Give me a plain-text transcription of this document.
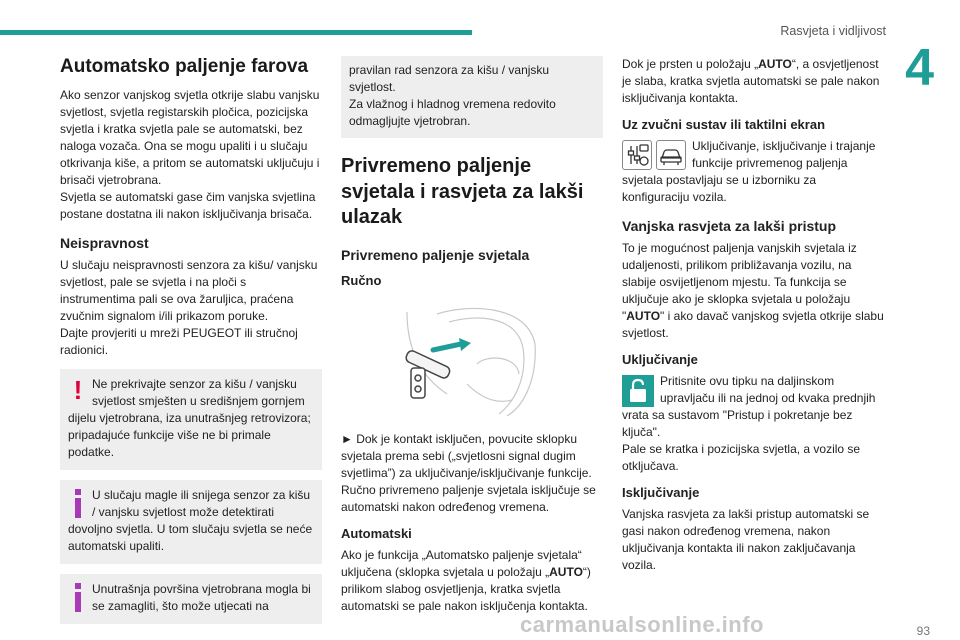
Rasvjeta i vidljivost
4
Automatsko paljenje farova

Ako senzor vanjskog svjetla otkrije slabu vanjsku svjetlost, svjetla registarskih pločica, pozicijska svjetla i kratka svjetla pale se automatski, bez naloga vozača. Ona se mogu upaliti i u slučaju otkrivanja kiše, a pritom se automatski uključuju i brisači vjetrobrana.

Svjetla se automatski gase čim vanjska svjetlina postane dostatna ili nakon isključivanja brisača.

Neispravnost

U slučaju neispravnosti senzora za kišu/ vanjsku svjetlost, pale se svjetla i na ploči s instrumentima pali se ova žaruljica, praćena zvučnim signalom i/ili prikazom poruke.

Dajte provjeriti u mreži PEUGEOT ili stručnoj radionici.

! Ne prekrivajte senzor za kišu / vanjsku svjetlost smješten u središnjem gornjem dijelu vjetrobrana, iza unutrašnjeg retrovizora; pripadajuće funkcije više ne bi primale podatke.

U slučaju magle ili snijega senzor za kišu / vanjsku svjetlost može detektirati dovoljno svjetla. U tom slučaju svjetla se neće automatski upaliti.

Unutrašnja površina vjetrobrana mogla bi se zamagliti, što može utjecati na

pravilan rad senzora za kišu / vanjsku svjetlost.

Za vlažnog i hladnog vremena redovito odmagljujte vjetrobran.

Privremeno paljenje svjetala i rasvjeta za lakši ulazak
Privremeno paljenje svjetala
Ručno

► Dok je kontakt isključen, povucite sklopku svjetala prema sebi („svjetlosni signal dugim svjetlima”) za uključivanje/isključivanje funkcije.

Ručno privremeno paljenje svjetala isključuje se automatski nakon određenog vremena.

Automatski

Ako je funkcija „Automatsko paljenje svjetala“ uključena (sklopka svjetala u položaju „AUTO“) prilikom slabog osvjetljenja, kratka svjetla automatski se pale nakon isključenja kontakta.

Dok je prsten u položaju „AUTO“, a osvjetljenost je slaba, kratka svjetla automatski se pale nakon isključivanja kontakta.

Uz zvučni sustav ili taktilni ekran

Uključivanje, isključivanje i trajanje funkcije privremenog paljenja svjetala postavljaju se u izborniku za konfiguraciju vozila.

Vanjska rasvjeta za lakši pristup

To je mogućnost paljenja vanjskih svjetala iz udaljenosti, prilikom približavanja vozilu, na slabije osvijetljenom mjestu. Ta funkcija se uključuje ako je sklopka svjetala u položaju "AUTO" i ako davač vanjskog svjetla otkrije slabu svjetlost.

Uključivanje

Pritisnite ovu tipku na daljinskom upravljaču ili na jednoj od kvaka prednjih vrata sa sustavom "Pristup i pokretanje bez ključa".

Pale se kratka i pozicijska svjetla, a vozilo se otključava.

Isključivanje

Vanjska rasvjeta za lakši pristup automatski se gasi nakon određenog vremena, nakon uključivanja kontakta ili nakon zaključavanja vozila.

carmanualsonline.info	93
